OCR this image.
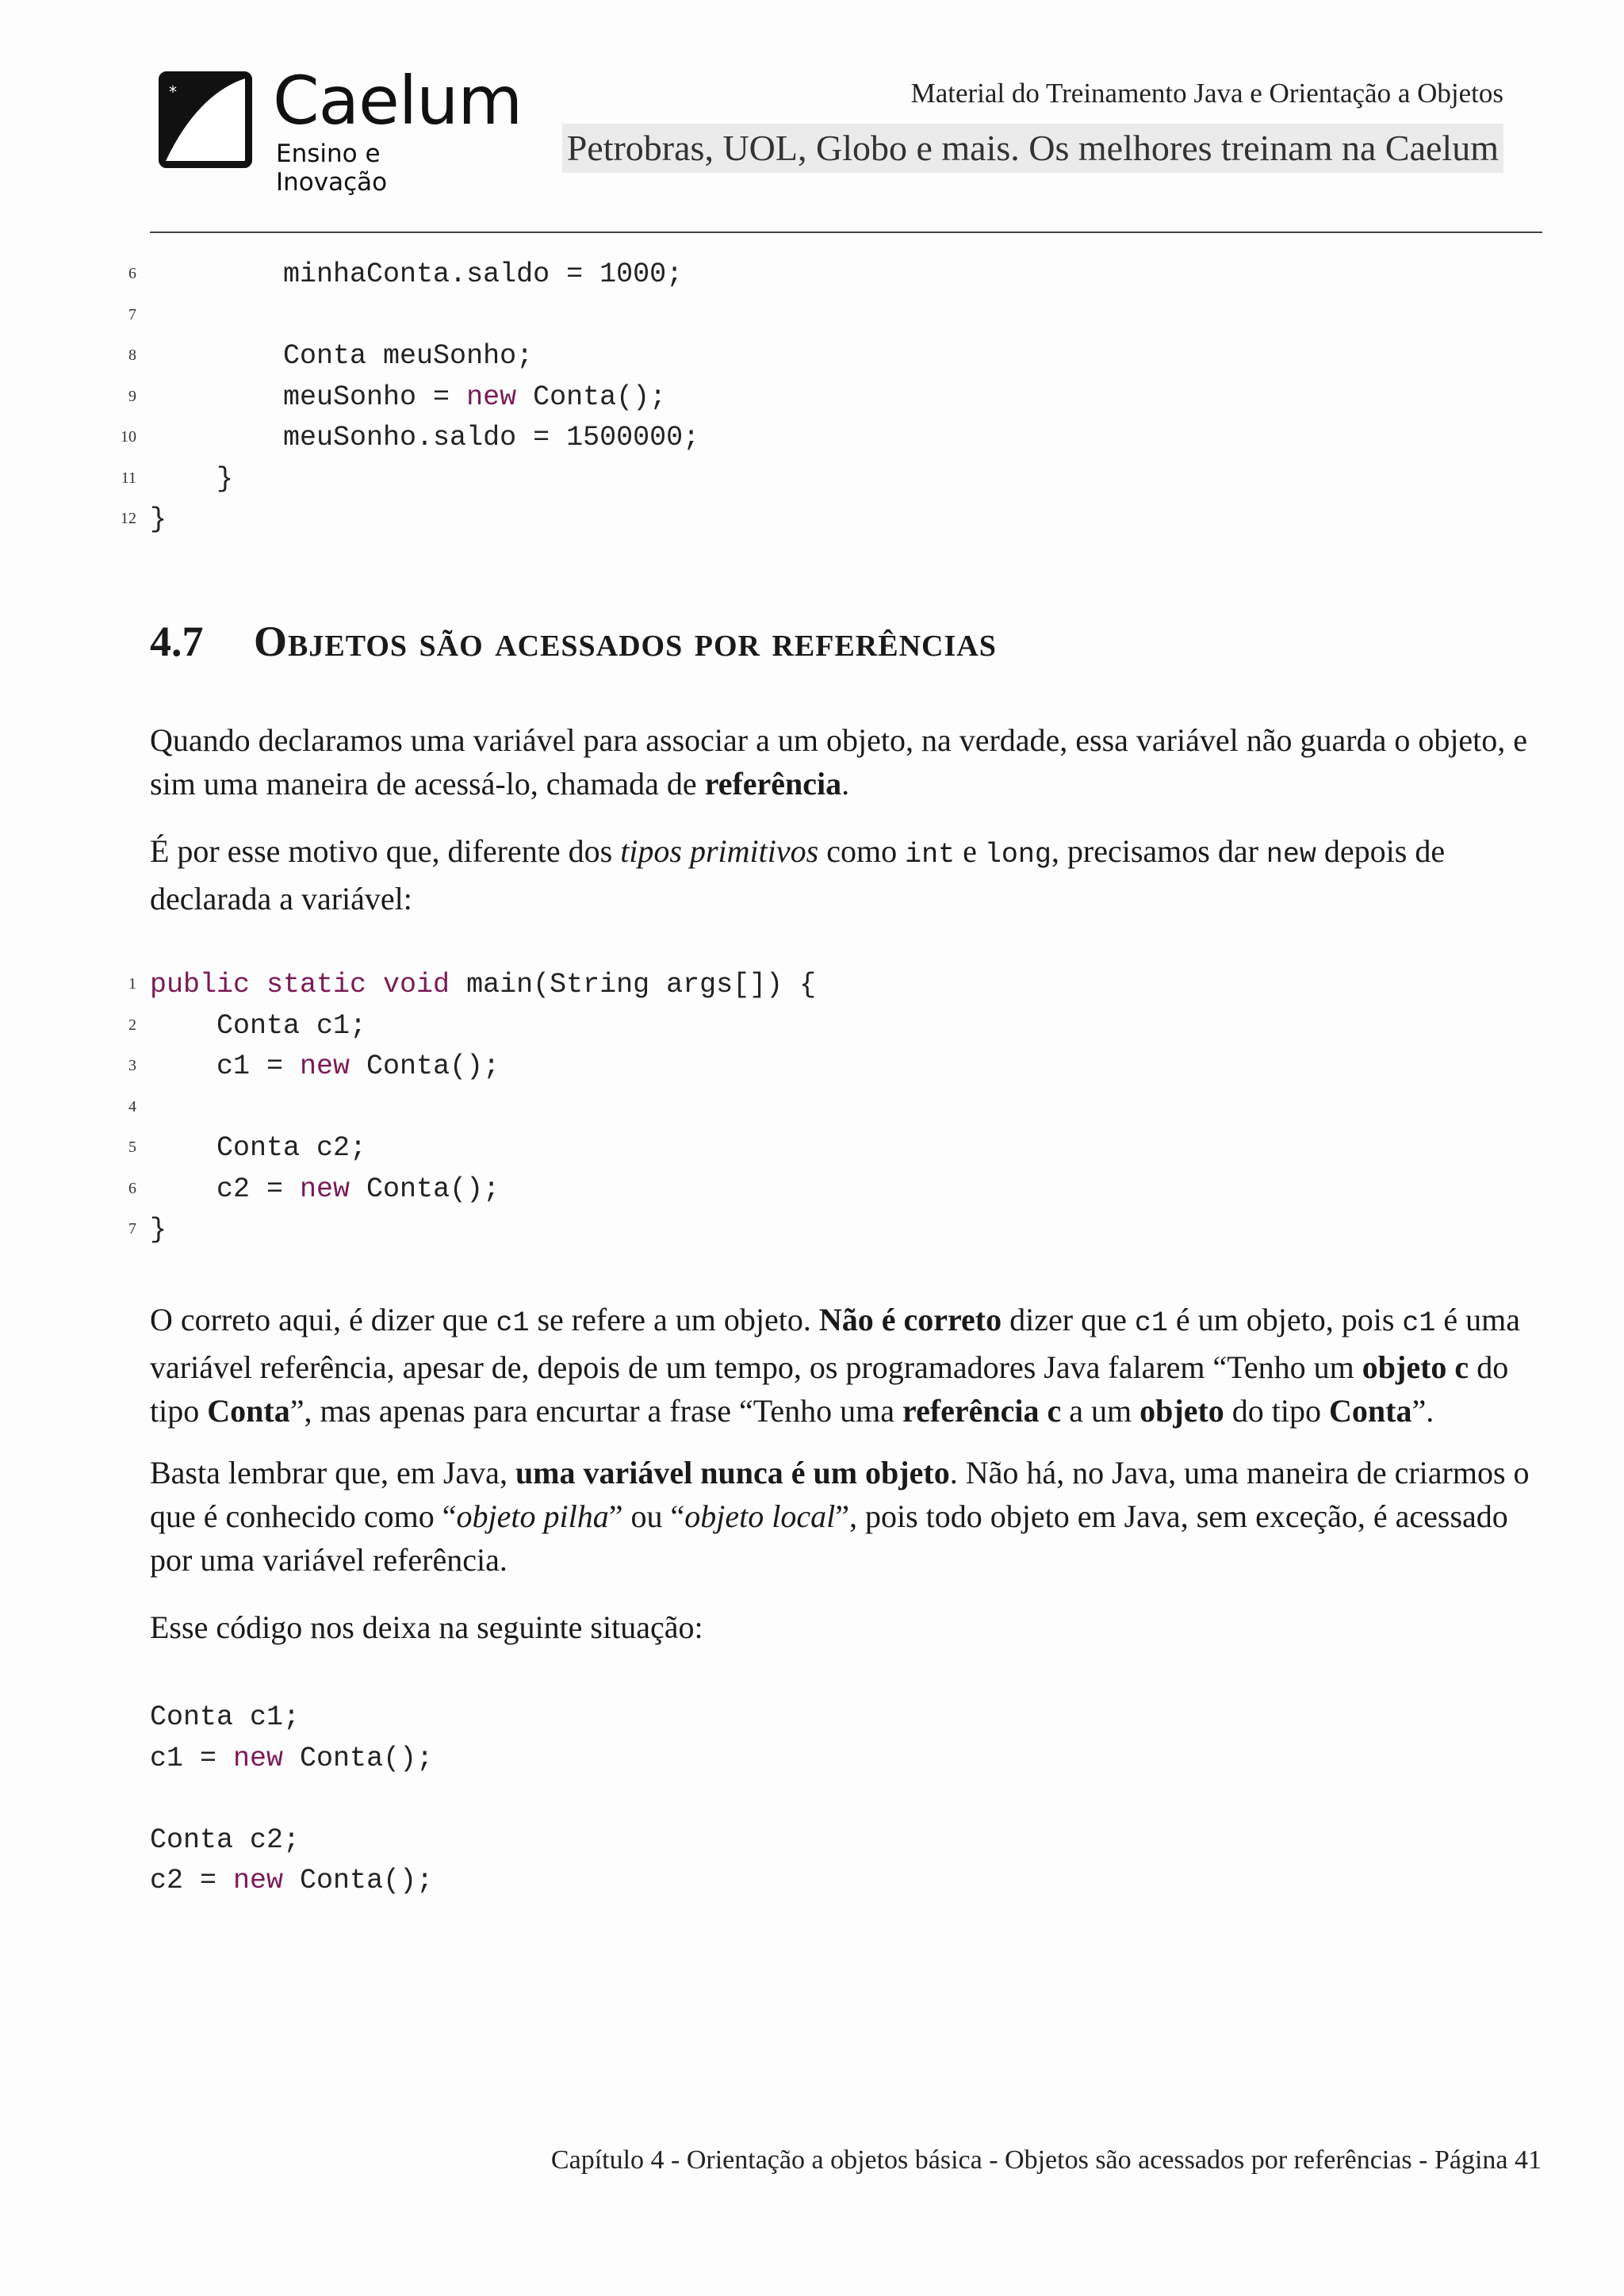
* Caelum
Ensino e Inovação
Material do Treinamento Java e Orientação a Objetos
Petrobras, UOL, Globo e mais. Os melhores treinam na Caelum
minhaConta.saldo = 1000;
6
7
Conta meuSonho;
8
meuSonho = new Conta();
9
meuSonho.saldo = 1500000;
10
}
11
}
12
4.7 Objetos são acessados por referências
Quando declaramos uma variável para associar a um objeto, na verdade, essa variável não guarda o objeto, e sim uma maneira de acessá-lo, chamada de referência.
É por esse motivo que, diferente dos tipos primitivos como int e long, precisamos dar new depois de declarada a variável:
public static void main(String args[]) {
1
Conta c1;
2
c1 = new Conta();
3
4
Conta c2;
5
c2 = new Conta();
6
}
7
O correto aqui, é dizer que c1 se refere a um objeto. Não é correto dizer que c1 é um objeto, pois c1 é uma variável referência, apesar de, depois de um tempo, os programadores Java falarem “Tenho um objeto c do tipo Conta”, mas apenas para encurtar a frase “Tenho uma referência c a um objeto do tipo Conta”.
Basta lembrar que, em Java, uma variável nunca é um objeto. Não há, no Java, uma maneira de criarmos o que é conhecido como “objeto pilha” ou “objeto local”, pois todo objeto em Java, sem exceção, é acessado por uma variável referência.
Esse código nos deixa na seguinte situação:
Conta c1;
c1 = new Conta();
Conta c2;
c2 = new Conta();
Capítulo 4 - Orientação a objetos básica - Objetos são acessados por referências - Página 41
